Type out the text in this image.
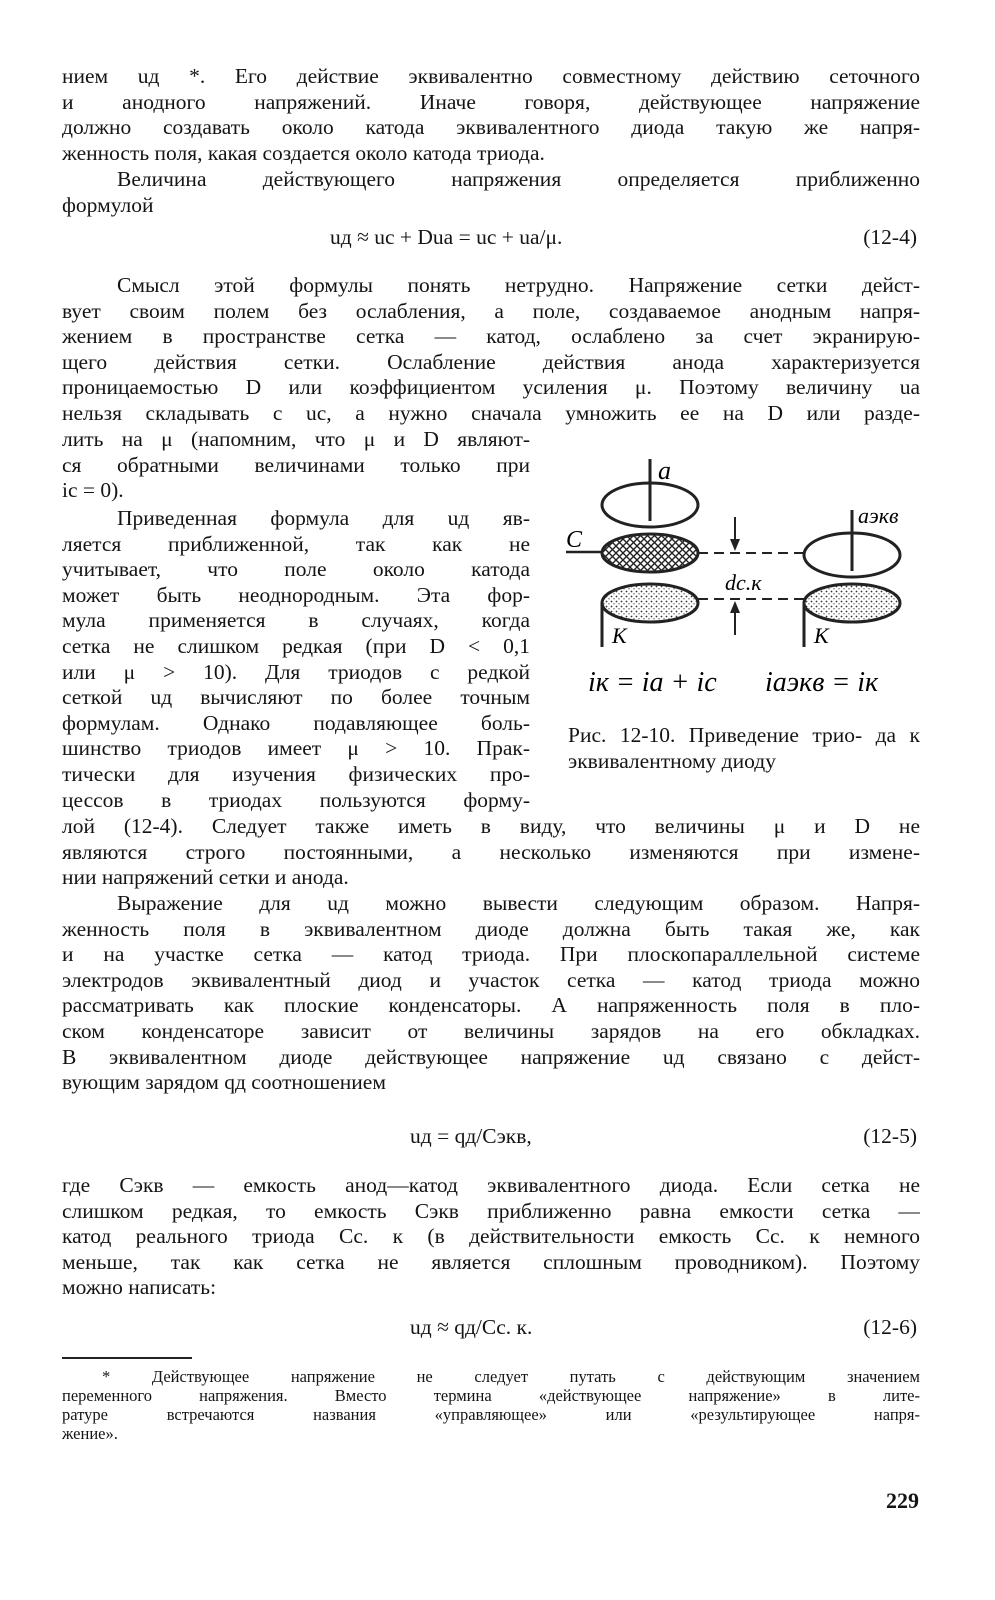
нием uд *. Его действие эквивалентно совместному действию сеточного
и анодного напряжений. Иначе говоря, действующее напряжение
должно создавать около катода эквивалентного диода такую же напря-
женность поля, какая создается около катода триода.
Величина действующего напряжения определяется приближенно
формулой
uд ≈ uс + Duа = uс + uа/μ.	(12-4)
Смысл этой формулы понять нетрудно. Напряжение сетки дейст-
вует своим полем без ослабления, а поле, создаваемое анодным напря-
жением в пространстве сетка — катод, ослаблено за счет экранирую-
щего действия сетки. Ослабление действия анода характеризуется
проницаемостью D или коэффициентом усиления μ. Поэтому величину uа
нельзя складывать с uс, а нужно сначала умножить ее на D или разде-
лить на μ (напомним, что μ и D являют-
ся обратными величинами только при
iс = 0).
Приведенная формула для uд яв-
ляется приближенной, так как не
учитывает, что поле около катода
может быть неоднородным. Эта фор-
мула применяется в случаях, когда
сетка не слишком редкая (при D < 0,1
или μ > 10). Для триодов с редкой
сеткой uд вычисляют по более точным
формулам. Однако подавляющее боль-
шинство триодов имеет μ > 10. Прак-
тически для изучения физических про-
цессов в триодах пользуются форму-
лой (12-4). Следует также иметь в виду, что величины μ и D не
являются строго постоянными, а несколько изменяются при измене-
нии напряжений сетки и анода.
Выражение для uд можно вывести следующим образом. Напря-
женность поля в эквивалентном диоде должна быть такая же, как
и на участке сетка — катод триода. При плоскопараллельной системе
электродов эквивалентный диод и участок сетка — катод триода можно
рассматривать как плоские конденсаторы. А напряженность поля в пло-
ском конденсаторе зависит от величины зарядов на его обкладках.
В эквивалентном диоде действующее напряжение uд связано с дейст-
вующим зарядом qд соотношением
uд = qд/Cэкв,	(12-5)
где Cэкв — емкость анод—катод эквивалентного диода. Если сетка не
слишком редкая, то емкость Cэкв приближенно равна емкости сетка —
катод реального триода Cс. к (в действительности емкость Cс. к немного
меньше, так как сетка не является сплошным проводником). Поэтому
можно написать:
uд ≈ qд/Cс. к.	(12-6)
a
C
K
aэкв
K
dс.к
iк = iа + iс iаэкв = iк
Рис. 12-10. Приведение трио- да к эквивалентному диоду
* Действующее напряжение не следует путать с действующим значением
переменного напряжения. Вместо термина «действующее напряжение» в лите-
ратуре встречаются названия «управляющее» или «результирующее напря-
жение».
229
